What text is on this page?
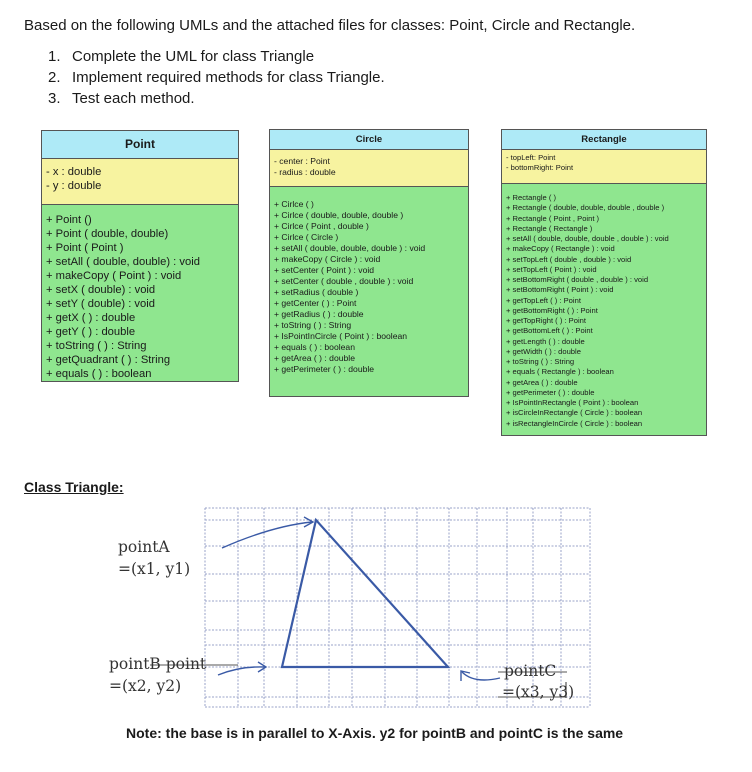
Based on the following UMLs and the attached files for classes: Point, Circle and Rectangle.
1. Complete the UML for class Triangle
2. Implement required methods for class Triangle.
3. Test each method.
Point
- x : double
- y : double
+ Point ()
+ Point ( double, double)
+ Point ( Point )
+ setAll ( double, double) : void
+ makeCopy ( Point ) : void
+ setX ( double) : void
+ setY ( double) : void
+ getX ( ) : double
+ getY ( ) : double
+ toString ( ) : String
+ getQuadrant ( ) : String
+ equals ( ) : boolean
Circle
- center : Point
- radius : double
+ Cirlce ( )
+ Cirlce ( double, double, double )
+ Cirlce ( Point , double )
+ Cirlce ( Circle )
+ setAll ( double, double, double ) : void
+ makeCopy ( Circle ) : void
+ setCenter ( Point ) : void
+ setCenter ( double , double ) : void
+ setRadius ( double )
+ getCenter ( ) : Point
+ getRadius ( ) : double
+ toString ( ) : String
+ IsPointInCircle ( Point ) : boolean
+ equals ( ) : boolean
+ getArea ( ) : double
+ getPerimeter ( ) : double
Rectangle
- topLeft: Point
- bottomRight: Point
+ Rectangle ( )
+ Rectangle ( double, double, double , double )
+ Rectangle ( Point , Point )
+ Rectangle ( Rectangle )
+ setAll ( double, double, double , double ) : void
+ makeCopy ( Rectangle ) : void
+ setTopLeft ( double , double ) : void
+ setTopLeft ( Point ) : void
+ setBottomRight ( double , double ) : void
+ setBottomRight ( Point ) : void
+ getTopLeft ( ) : Point
+ getBottomRight ( ) : Point
+ getTopRight ( ) : Point
+ getBottomLeft ( ) : Point
+ getLength ( ) : double
+ getWidth ( ) : double
+ toString ( ) : String
+ equals ( Rectangle ) : boolean
+ getArea ( ) : double
+ getPerimeter ( ) : double
+ IsPointInRectangle ( Point ) : boolean
+ isCircleInRectangle ( Circle ) : boolean
+ isRectangleInCircle ( Circle ) : boolean
Class Triangle:
pointA
=(x1, y1)
pointB point
=(x2, y2)
pointC
=(x3, y3)
Note: the base is in parallel to X-Axis. y2 for pointB and pointC is the same
